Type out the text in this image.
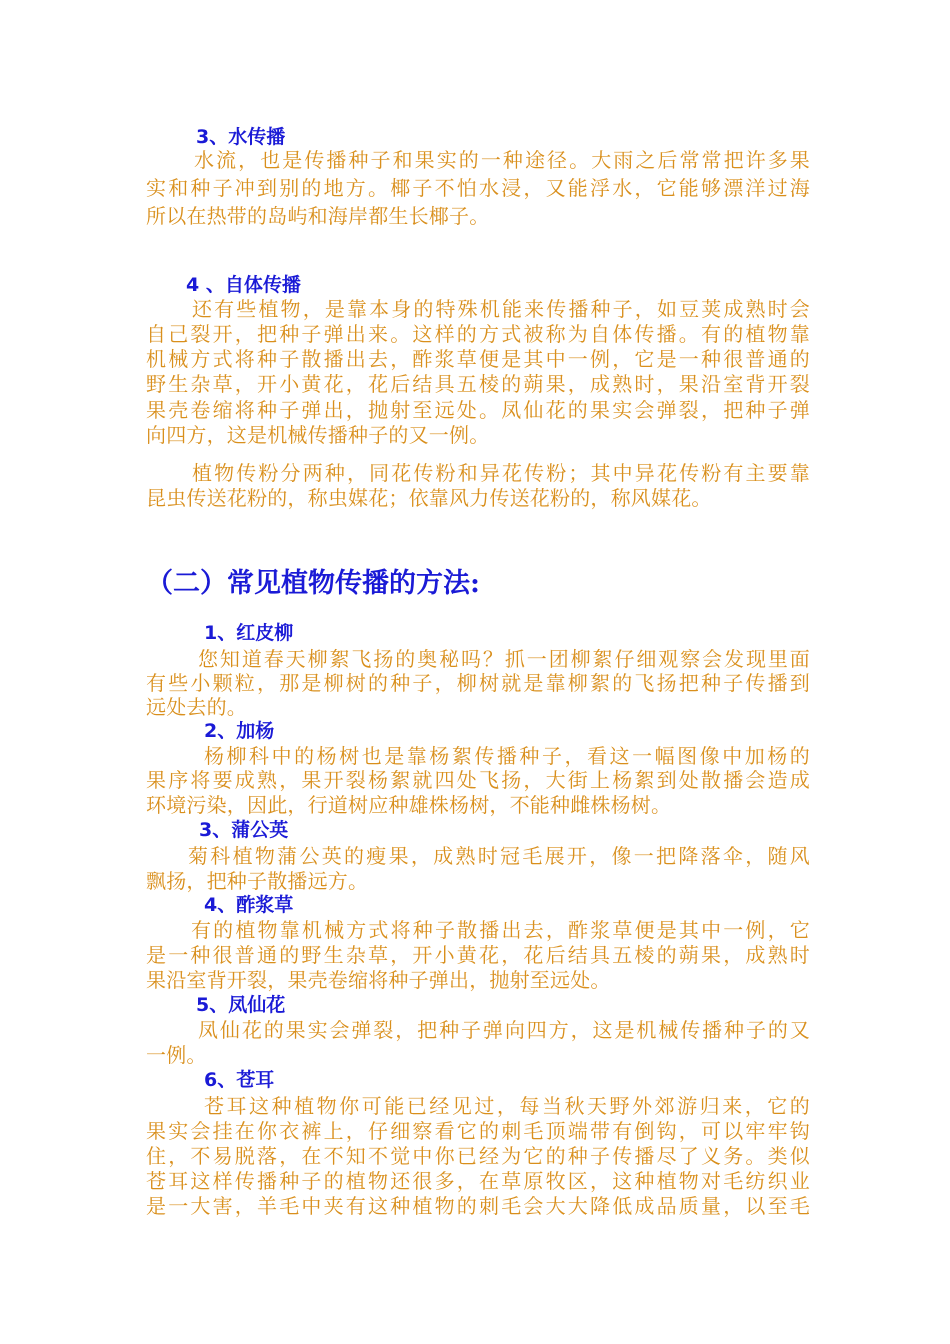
3、水传播
水流，也是传播种子和果实的一种途径。大雨之后常常把许多果
实和种子冲到别的地方。椰子不怕水浸，又能浮水，它能够漂洋过海
所以在热带的岛屿和海岸都生长椰子。
4 、自体传播
还有些植物，是靠本身的特殊机能来传播种子，如豆荚成熟时会
自己裂开，把种子弹出来。这样的方式被称为自体传播。有的植物靠
机械方式将种子散播出去，酢浆草便是其中一例，它是一种很普通的
野生杂草，开小黄花，花后结具五棱的蒴果，成熟时，果沿室背开裂
果壳卷缩将种子弹出，抛射至远处。凤仙花的果实会弹裂，把种子弹
向四方，这是机械传播种子的又一例。
植物传粉分两种，同花传粉和异花传粉；其中异花传粉有主要靠
昆虫传送花粉的，称虫媒花；依靠风力传送花粉的，称风媒花。
（二）常见植物传播的方法:
1、红皮柳
您知道春天柳絮飞扬的奥秘吗？抓一团柳絮仔细观察会发现里面
有些小颗粒，那是柳树的种子，柳树就是靠柳絮的飞扬把种子传播到
远处去的。
2、加杨
杨柳科中的杨树也是靠杨絮传播种子，看这一幅图像中加杨的
果序将要成熟，果开裂杨絮就四处飞扬，大街上杨絮到处散播会造成
环境污染，因此，行道树应种雄株杨树，不能种雌株杨树。
3、蒲公英
菊科植物蒲公英的瘦果，成熟时冠毛展开，像一把降落伞，随风
飘扬，把种子散播远方。
4、酢浆草
有的植物靠机械方式将种子散播出去，酢浆草便是其中一例，它
是一种很普通的野生杂草，开小黄花，花后结具五棱的蒴果，成熟时
果沿室背开裂，果壳卷缩将种子弹出，抛射至远处。
5、凤仙花
凤仙花的果实会弹裂，把种子弹向四方，这是机械传播种子的又
一例。
6、苍耳
苍耳这种植物你可能已经见过，每当秋天野外郊游归来，它的
果实会挂在你衣裤上，仔细察看它的刺毛顶端带有倒钩，可以牢牢钩
住，不易脱落，在不知不觉中你已经为它的种子传播尽了义务。类似
苍耳这样传播种子的植物还很多，在草原牧区，这种植物对毛纺织业
是一大害，羊毛中夹有这种植物的刺毛会大大降低成品质量，以至毛
